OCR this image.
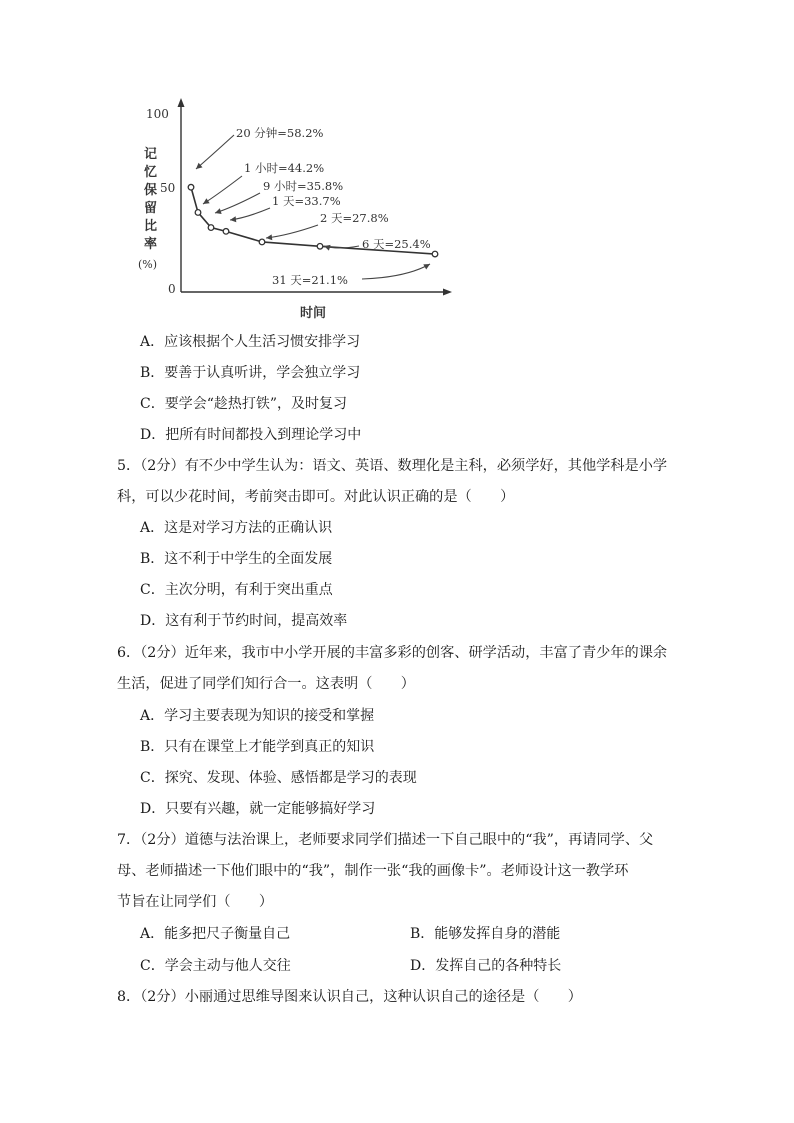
100
50
0
记忆保留比率(%)
时间
20 分钟=58.2%
1 小时=44.2%
9 小时=35.8%
1 天=33.7%
2 天=27.8%
6 天=25.4%
31 天=21.1%
A．应该根据个人生活习惯安排学习
B．要善于认真听讲，学会独立学习
C．要学会“趁热打铁”，及时复习
D．把所有时间都投入到理论学习中
5．（2分）有不少中学生认为：语文、英语、数理化是主科，必须学好，其他学科是小学
科，可以少花时间，考前突击即可。对此认识正确的是（　　）
A．这是对学习方法的正确认识
B．这不利于中学生的全面发展
C．主次分明，有利于突出重点
D．这有利于节约时间，提高效率
6．（2分）近年来，我市中小学开展的丰富多彩的创客、研学活动，丰富了青少年的课余
生活，促进了同学们知行合一。这表明（　　）
A．学习主要表现为知识的接受和掌握
B．只有在课堂上才能学到真正的知识
C．探究、发现、体验、感悟都是学习的表现
D．只要有兴趣，就一定能够搞好学习
7．（2分）道德与法治课上，老师要求同学们描述一下自己眼中的“我”，再请同学、父
母、老师描述一下他们眼中的“我”，制作一张“我的画像卡”。老师设计这一教学环
节旨在让同学们（　　）
A．能多把尺子衡量自己	B．能够发挥自身的潜能
C．学会主动与他人交往	D．发挥自己的各种特长
8．（2分）小丽通过思维导图来认识自己，这种认识自己的途径是（　　）
